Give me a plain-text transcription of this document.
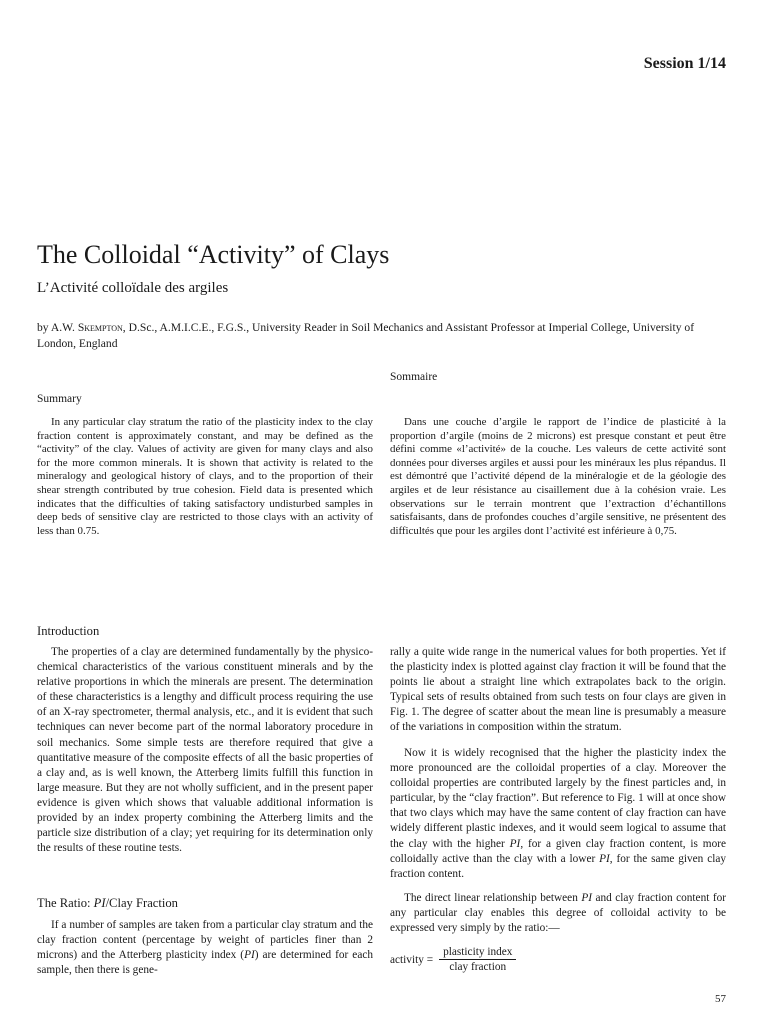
Session 1/14
The Colloidal “Activity” of Clays
L’Activité colloïdale des argiles
by A.W. Skempton, D.Sc., A.M.I.C.E., F.G.S., University Reader in Soil Mechanics and Assistant Professor at Imperial College, University of London, England
Summary

In any particular clay stratum the ratio of the plasticity index to the clay fraction content is approximately constant, and may be defined as the “activity” of the clay. Values of activity are given for many clays and also for the more common minerals. It is shown that activity is related to the mineralogy and geological history of clays, and to the proportion of their shear strength contributed by true cohesion. Field data is presented which indicates that the difficulties of taking satisfactory undisturbed samples in deep beds of sensitive clay are restricted to those clays with an activity of less than 0.75.

Sommaire

Dans une couche d’argile le rapport de l’indice de plasticité à la proportion d’argile (moins de 2 microns) est presque constant et peut être défini comme «l’activité» de la couche. Les valeurs de cette activité sont données pour diverses argiles et aussi pour les minéraux les plus répandus. Il est démontré que l’activité dépend de la minéralogie et de la géologie des argiles et de leur résistance au cisaillement due à la cohésion vraie. Les observations sur le terrain montrent que l’extraction d’échantillons satisfaisants, dans de profondes couches d’argile sensitive, ne présentent des difficultés que pour les argiles dont l’activité est inférieure à 0,75.

Introduction

The properties of a clay are determined fundamentally by the physico-chemical characteristics of the various constituent minerals and by the relative proportions in which the minerals are present. The determination of these characteristics is a lengthy and difficult process requiring the use of an X-ray spectrometer, thermal analysis, etc., and it is evident that such techniques can never become part of the normal laboratory procedure in soil mechanics. Some simple tests are therefore required that give a quantitative measure of the composite effects of all the basic properties of a clay and, as is well known, the Atterberg limits fulfill this function in large measure. But they are not wholly sufficient, and in the present paper evidence is given which shows that valuable additional information is provided by an index property combining the Atterberg limits and the particle size distribution of a clay; yet requiring for its determination only the results of these routine tests.

The Ratio: PI/Clay Fraction

If a number of samples are taken from a particular clay stratum and the clay fraction content (percentage by weight of particles finer than 2 microns) and the Atterberg plasticity index (PI) are determined for each sample, then there is gene-

rally a quite wide range in the numerical values for both properties. Yet if the plasticity index is plotted against clay fraction it will be found that the points lie about a straight line which extrapolates back to the origin. Typical sets of results obtained from such tests on four clays are given in Fig. 1. The degree of scatter about the mean line is presumably a measure of the variations in composition within the stratum.

Now it is widely recognised that the higher the plasticity index the more pronounced are the colloidal properties of a clay. Moreover the colloidal properties are contributed largely by the finest particles and, in particular, by the “clay fraction”. But reference to Fig. 1 will at once show that two clays which may have the same content of clay fraction can have widely different plastic indexes, and it would seem logical to assume that the clay with the higher PI, for a given clay fraction content, is more colloidally active than the clay with a lower PI, for the same given clay fraction content.

The direct linear relationship between PI and clay fraction content for any particular clay enables this degree of colloidal activity to be expressed very simply by the ratio:—

activity = $\frac{\text{plasticity index}}{\text{clay fraction}}$
57
